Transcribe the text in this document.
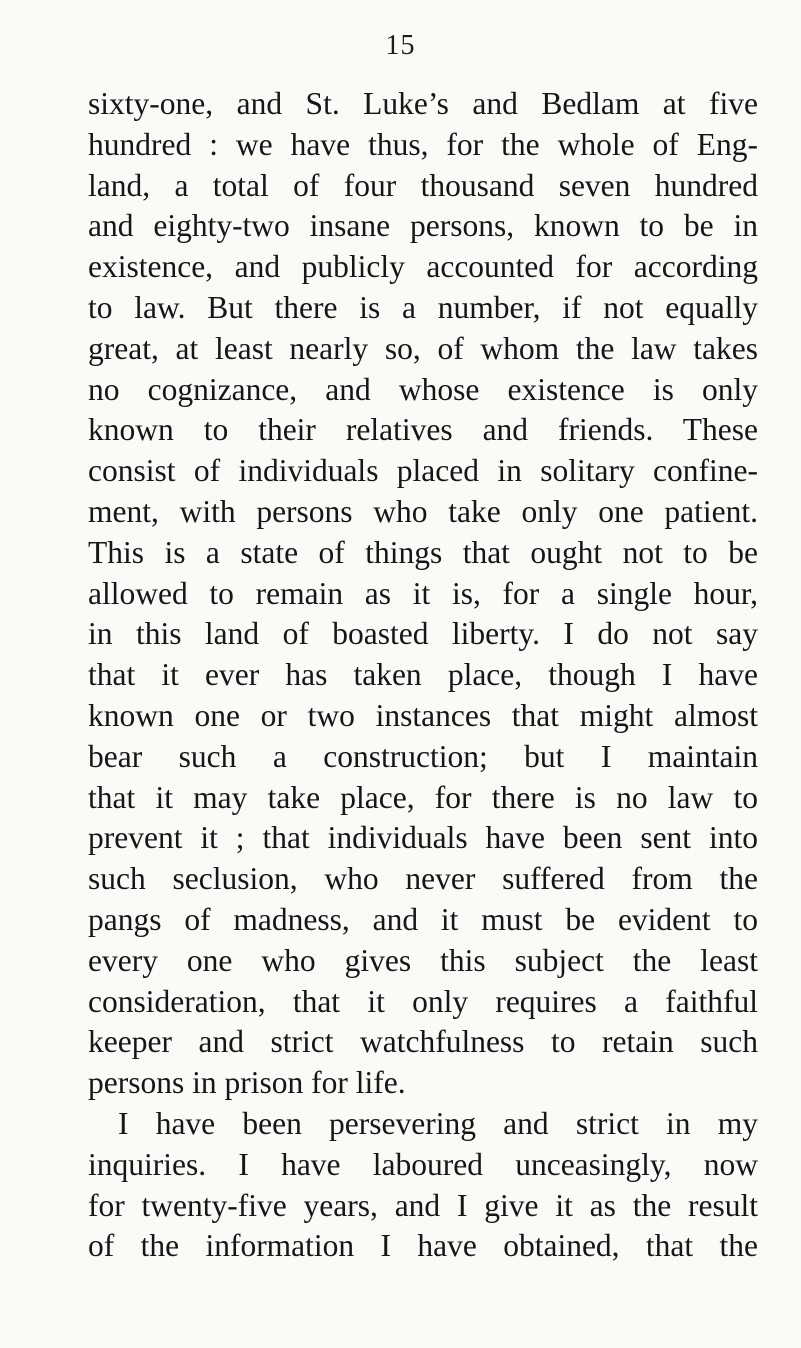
15
sixty-one, and St. Luke’s and Bedlam at five
hundred : we have thus, for the whole of Eng-
land, a total of four thousand seven hundred
and eighty-two insane persons, known to be in
existence, and publicly accounted for according
to law. But there is a number, if not equally
great, at least nearly so, of whom the law takes
no cognizance, and whose existence is only
known to their relatives and friends. These
consist of individuals placed in solitary confine-
ment, with persons who take only one patient.
This is a state of things that ought not to be
allowed to remain as it is, for a single hour,
in this land of boasted liberty. I do not say
that it ever has taken place, though I have
known one or two instances that might almost
bear such a construction; but I maintain
that it may take place, for there is no law to
prevent it ; that individuals have been sent into
such seclusion, who never suffered from the
pangs of madness, and it must be evident to
every one who gives this subject the least
consideration, that it only requires a faithful
keeper and strict watchfulness to retain such
persons in prison for life.
I have been persevering and strict in my
inquiries. I have laboured unceasingly, now
for twenty-five years, and I give it as the result
of the information I have obtained, that the
